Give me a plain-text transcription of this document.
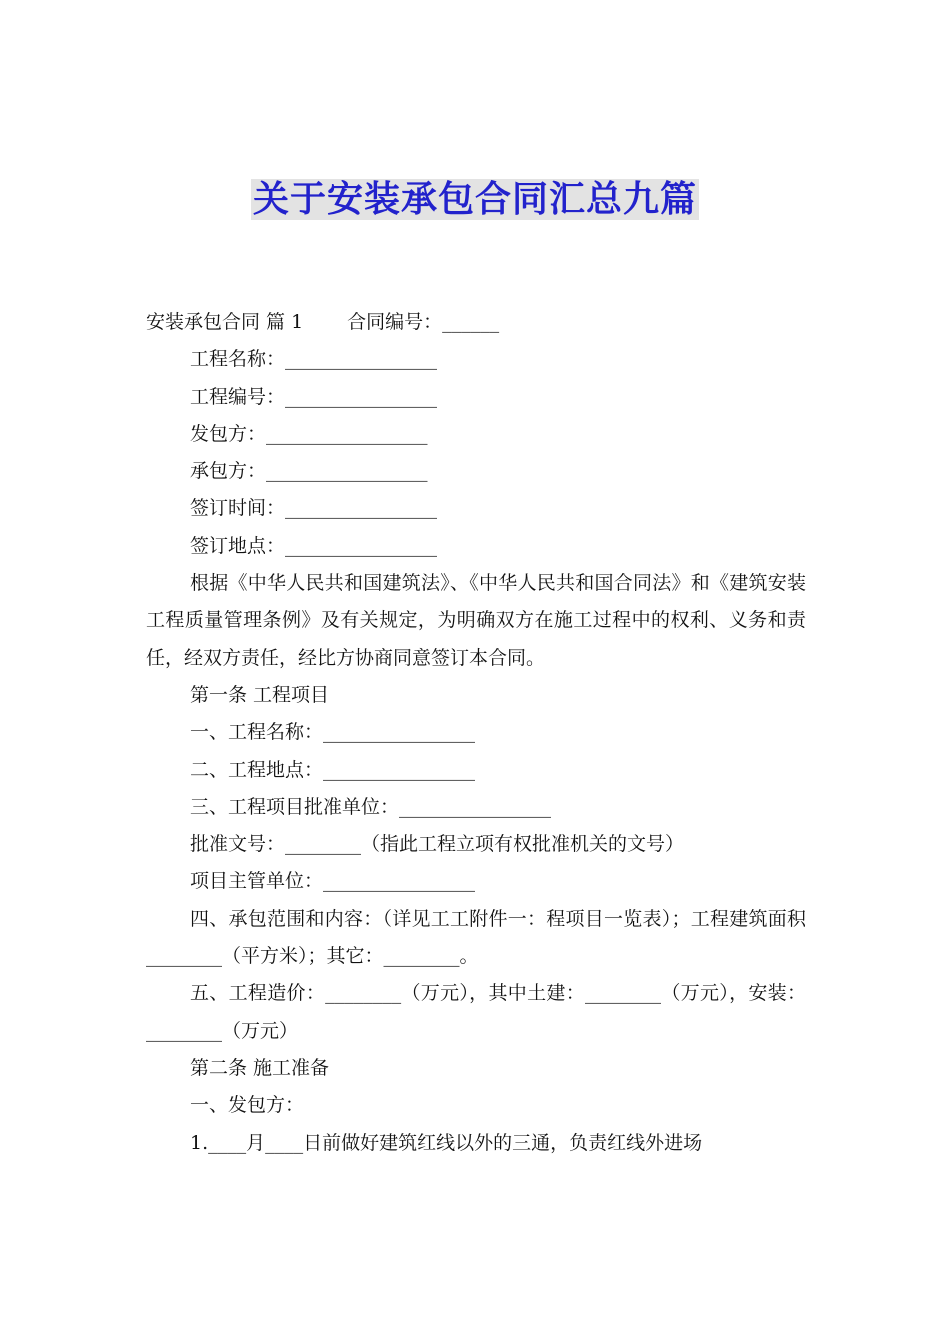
关于安装承包合同汇总九篇

安装承包合同 篇 1 合同编号：______

工程名称：________________

工程编号：________________

发包方：_________________

承包方：_________________

签订时间：________________

签订地点：________________

根据《中华人民共和国建筑法》、《中华人民共和国合同法》和《建筑安装工程质量管理条例》及有关规定，为明确双方在施工过程中的权利、义务和责任，经双方责任，经比方协商同意签订本合同。

第一条 工程项目

一、工程名称：________________

二、工程地点：________________

三、工程项目批准单位：________________

批准文号：________（指此工程立项有权批准机关的文号）

项目主管单位：________________

四、承包范围和内容：（详见工工附件一：程项目一览表）；工程建筑面积________（平方米）；其它：________。

五、工程造价：________（万元），其中土建：________（万元），安装：________（万元）

第二条 施工准备

一、发包方：

1.____月____日前做好建筑红线以外的三通，负责红线外进场
